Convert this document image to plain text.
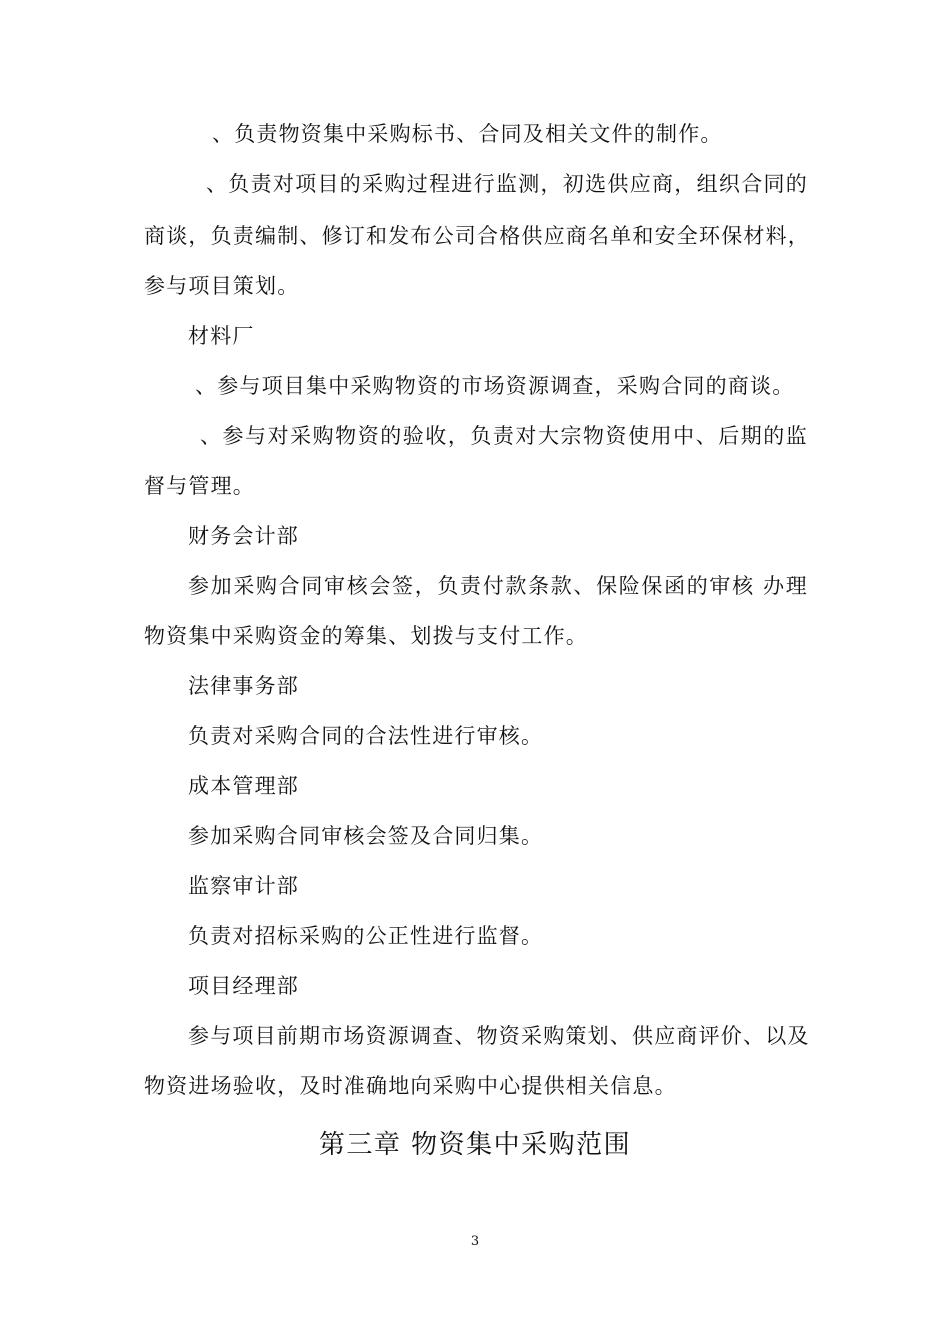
、负责物资集中采购标书、合同及相关文件的制作。
、负责对项目的采购过程进行监测，初选供应商，组织合同的
商谈，负责编制、修订和发布公司合格供应商名单和安全环保材料，
参与项目策划。
材料厂
、参与项目集中采购物资的市场资源调查，采购合同的商谈。
、参与对采购物资的验收，负责对大宗物资使用中、后期的监
督与管理。
财务会计部
参加采购合同审核会签，负责付款条款、保险保函的审核 办理
物资集中采购资金的筹集、划拨与支付工作。
法律事务部
负责对采购合同的合法性进行审核。
成本管理部
参加采购合同审核会签及合同归集。
监察审计部
负责对招标采购的公正性进行监督。
项目经理部
参与项目前期市场资源调查、物资采购策划、供应商评价、以及
物资进场验收，及时准确地向采购中心提供相关信息。
第三章 物资集中采购范围
3
